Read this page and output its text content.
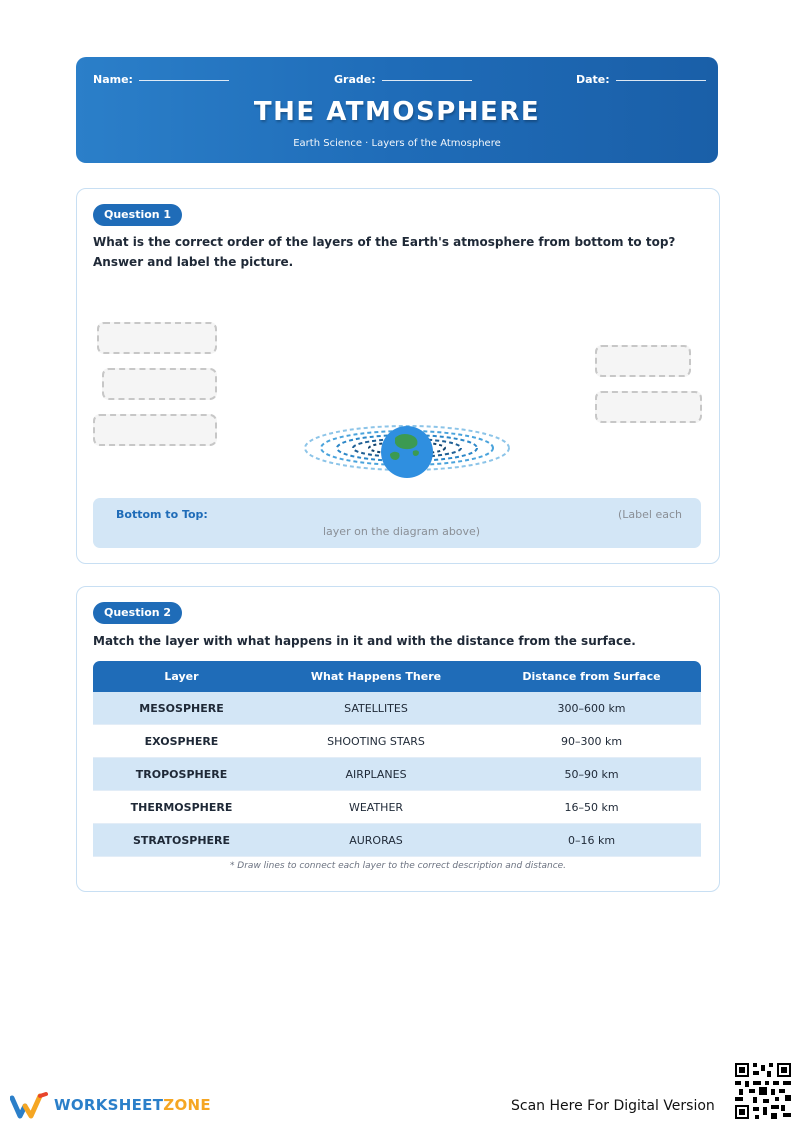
Name:	Grade:	Date:
THE ATMOSPHERE
Earth Science · Layers of the Atmosphere
Question 1
What is the correct order of the layers of the Earth's atmosphere from bottom to top? Answer and label the picture.
Bottom to Top:	(Label each
layer on the diagram above)
Question 2
Match the layer with what happens in it and with the distance from the surface.
Layer	What Happens There	Distance from Surface
MESOSPHERE	SATELLITES	300–600 km
EXOSPHERE	SHOOTING STARS	90–300 km
TROPOSPHERE	AIRPLANES	50–90 km
THERMOSPHERE	WEATHER	16–50 km
STRATOSPHERE	AURORAS	0–16 km
* Draw lines to connect each layer to the correct description and distance.
WORKSHEETZONE	Scan Here For Digital Version
